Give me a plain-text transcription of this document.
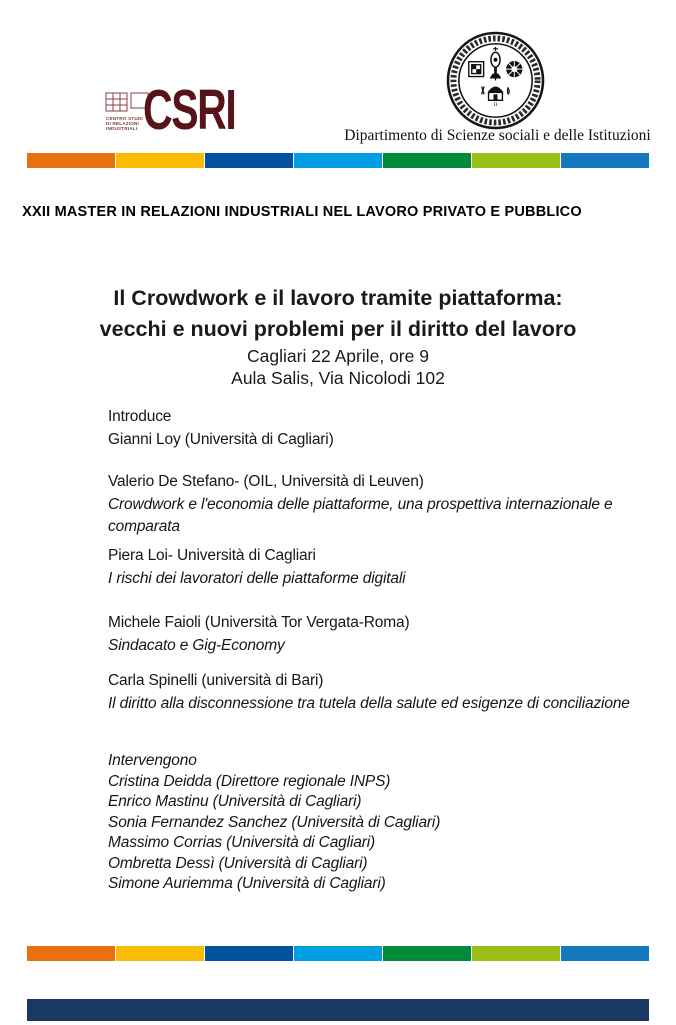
CENTRO STUDI
DI RELAZIONI
INDUSTRIALI CSRI	II
Dipartimento di Scienze sociali e delle Istituzioni
XXII MASTER IN RELAZIONI INDUSTRIALI NEL LAVORO PRIVATO E PUBBLICO
Il Crowdwork e il lavoro tramite piattaforma:
vecchi e nuovi problemi per il diritto del lavoro
Cagliari 22 Aprile, ore 9
Aula Salis, Via Nicolodi 102
Introduce
Gianni Loy (Università di Cagliari)
Valerio De Stefano- (OIL, Università di Leuven)
Crowdwork e l'economia delle piattaforme, una prospettiva internazionale e comparata
Piera Loi- Università di Cagliari
I rischi dei lavoratori delle piattaforme digitali
Michele Faioli (Università Tor Vergata-Roma)
Sindacato e Gig-Economy
Carla Spinelli (università di Bari)
Il diritto alla disconnessione tra tutela della salute ed esigenze di conciliazione
Intervengono
Cristina Deidda (Direttore regionale INPS)
Enrico Mastinu (Università di Cagliari)
Sonia Fernandez Sanchez (Università di Cagliari)
Massimo Corrias (Università di Cagliari)
Ombretta Dessì (Università di Cagliari)
Simone Auriemma (Università di Cagliari)
